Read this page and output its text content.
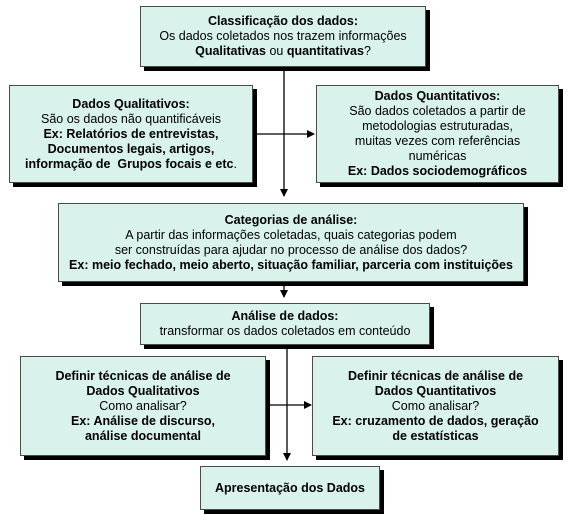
Classificação dos dados:
Os dados coletados nos trazem informações
Qualitativas ou quantitativas?
Dados Qualitativos:
São os dados não quantificáveis
Ex: Relatórios de entrevistas,
Documentos legais, artigos,
informação de  Grupos focais e etc.
Dados Quantitativos:
São dados coletados a partir de
metodologias estruturadas,
muitas vezes com referências
numéricas
Ex: Dados sociodemográficos
Categorias de análise:
A partir das informações coletadas, quais categorias podem
ser construídas para ajudar no processo de análise dos dados?
Ex: meio fechado, meio aberto, situação familiar, parceria com instituições
Análise de dados:
transformar os dados coletados em conteúdo
Definir técnicas de análise de
Dados Qualitativos
Como analisar?
Ex: Análise de discurso,
análise documental
Definir técnicas de análise de
Dados Quantitativos
Como analisar?
Ex: cruzamento de dados, geração
de estatísticas
Apresentação dos Dados
